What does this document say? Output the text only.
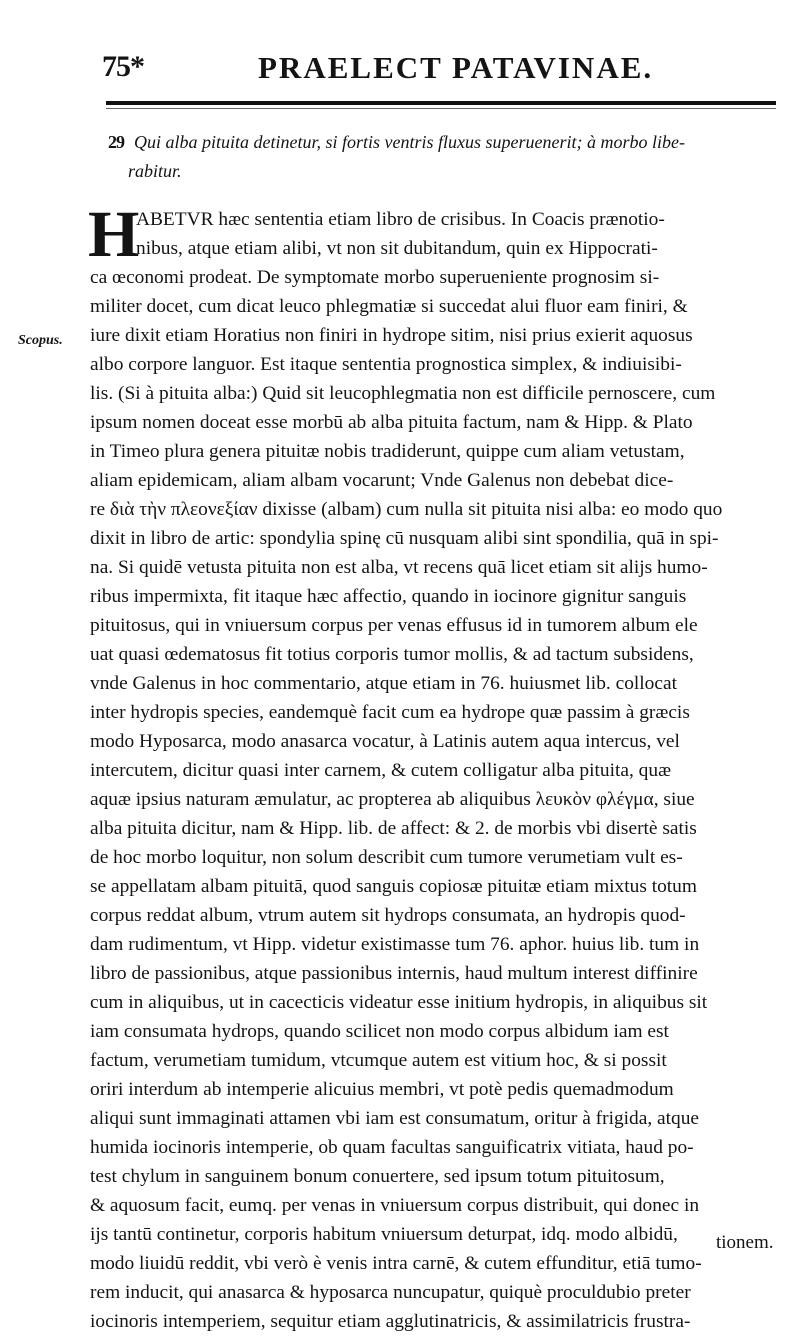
75*	PRAELECT PATAVINAE.
29 Qui alba pituita detinetur, si fortis ventris fluxus superuenerit; à morbo libe-
rabitur.
Scopus.
H
ABETVR hæc sententia etiam libro de crisibus. In Coacis prænotio-
nibus, atque etiam alibi, vt non sit dubitandum, quin ex Hippocrati-
ca œconomi prodeat. De symptomate morbo superueniente prognosim si-
militer docet, cum dicat leuco phlegmatiæ si succedat alui fluor eam finiri, &
iure dixit etiam Horatius non finiri in hydrope sitim, nisi prius exierit aquosus
albo corpore languor. Est itaque sententia prognostica simplex, & indiuisibi-
lis. (Si à pituita alba:) Quid sit leucophlegmatia non est difficile pernoscere, cum
ipsum nomen doceat esse morbū ab alba pituita factum, nam & Hipp. & Plato
in Timeo plura genera pituitæ nobis tradiderunt, quippe cum aliam vetustam,
aliam epidemicam, aliam albam vocarunt; Vnde Galenus non debebat dice-
re διὰ τὴν πλεονεξίαν dixisse (albam) cum nulla sit pituita nisi alba: eo modo quo
dixit in libro de artic: spondylia spinę cū nusquam alibi sint spondilia, quā in spi-
na. Si quidē vetusta pituita non est alba, vt recens quā licet etiam sit alijs humo-
ribus impermixta, fit itaque hæc affectio, quando in iocinore gignitur sanguis
pituitosus, qui in vniuersum corpus per venas effusus id in tumorem album ele
uat quasi œdematosus fit totius corporis tumor mollis, & ad tactum subsidens,
vnde Galenus in hoc commentario, atque etiam in 76. huiusmet lib. collocat
inter hydropis species, eandemquè facit cum ea hydrope quæ passim à græcis
modo Hyposarca, modo anasarca vocatur, à Latinis autem aqua intercus, vel
intercutem, dicitur quasi inter carnem, & cutem colligatur alba pituita, quæ
aquæ ipsius naturam æmulatur, ac propterea ab aliquibus λευκὸν φλέγμα, siue
alba pituita dicitur, nam & Hipp. lib. de affect: & 2. de morbis vbi disertè satis
de hoc morbo loquitur, non solum describit cum tumore verumetiam vult es-
se appellatam albam pituitā, quod sanguis copiosæ pituitæ etiam mixtus totum
corpus reddat album, vtrum autem sit hydrops consumata, an hydropis quod-
dam rudimentum, vt Hipp. videtur existimasse tum 76. aphor. huius lib. tum in
libro de passionibus, atque passionibus internis, haud multum interest diffinire
cum in aliquibus, ut in cacecticis videatur esse initium hydropis, in aliquibus sit
iam consumata hydrops, quando scilicet non modo corpus albidum iam est
factum, verumetiam tumidum, vtcumque autem est vitium hoc, & si possit
oriri interdum ab intemperie alicuius membri, vt potè pedis quemadmodum
aliqui sunt immaginati attamen vbi iam est consumatum, oritur à frigida, atque
humida iocinoris intemperie, ob quam facultas sanguificatrix vitiata, haud po-
test chylum in sanguinem bonum conuertere, sed ipsum totum pituitosum,
& aquosum facit, eumq. per venas in vniuersum corpus distribuit, qui donec in
ijs tantū continetur, corporis habitum vniuersum deturpat, idq. modo albidū,
modo liuidū reddit, vbi verò è venis intra carnē, & cutem effunditur, etiā tumo-
rem inducit, qui anasarca & hyposarca nuncupatur, quiquè proculdubio preter
iocinoris intemperiem, sequitur etiam agglutinatricis, & assimilatricis frustra-
tionem.
